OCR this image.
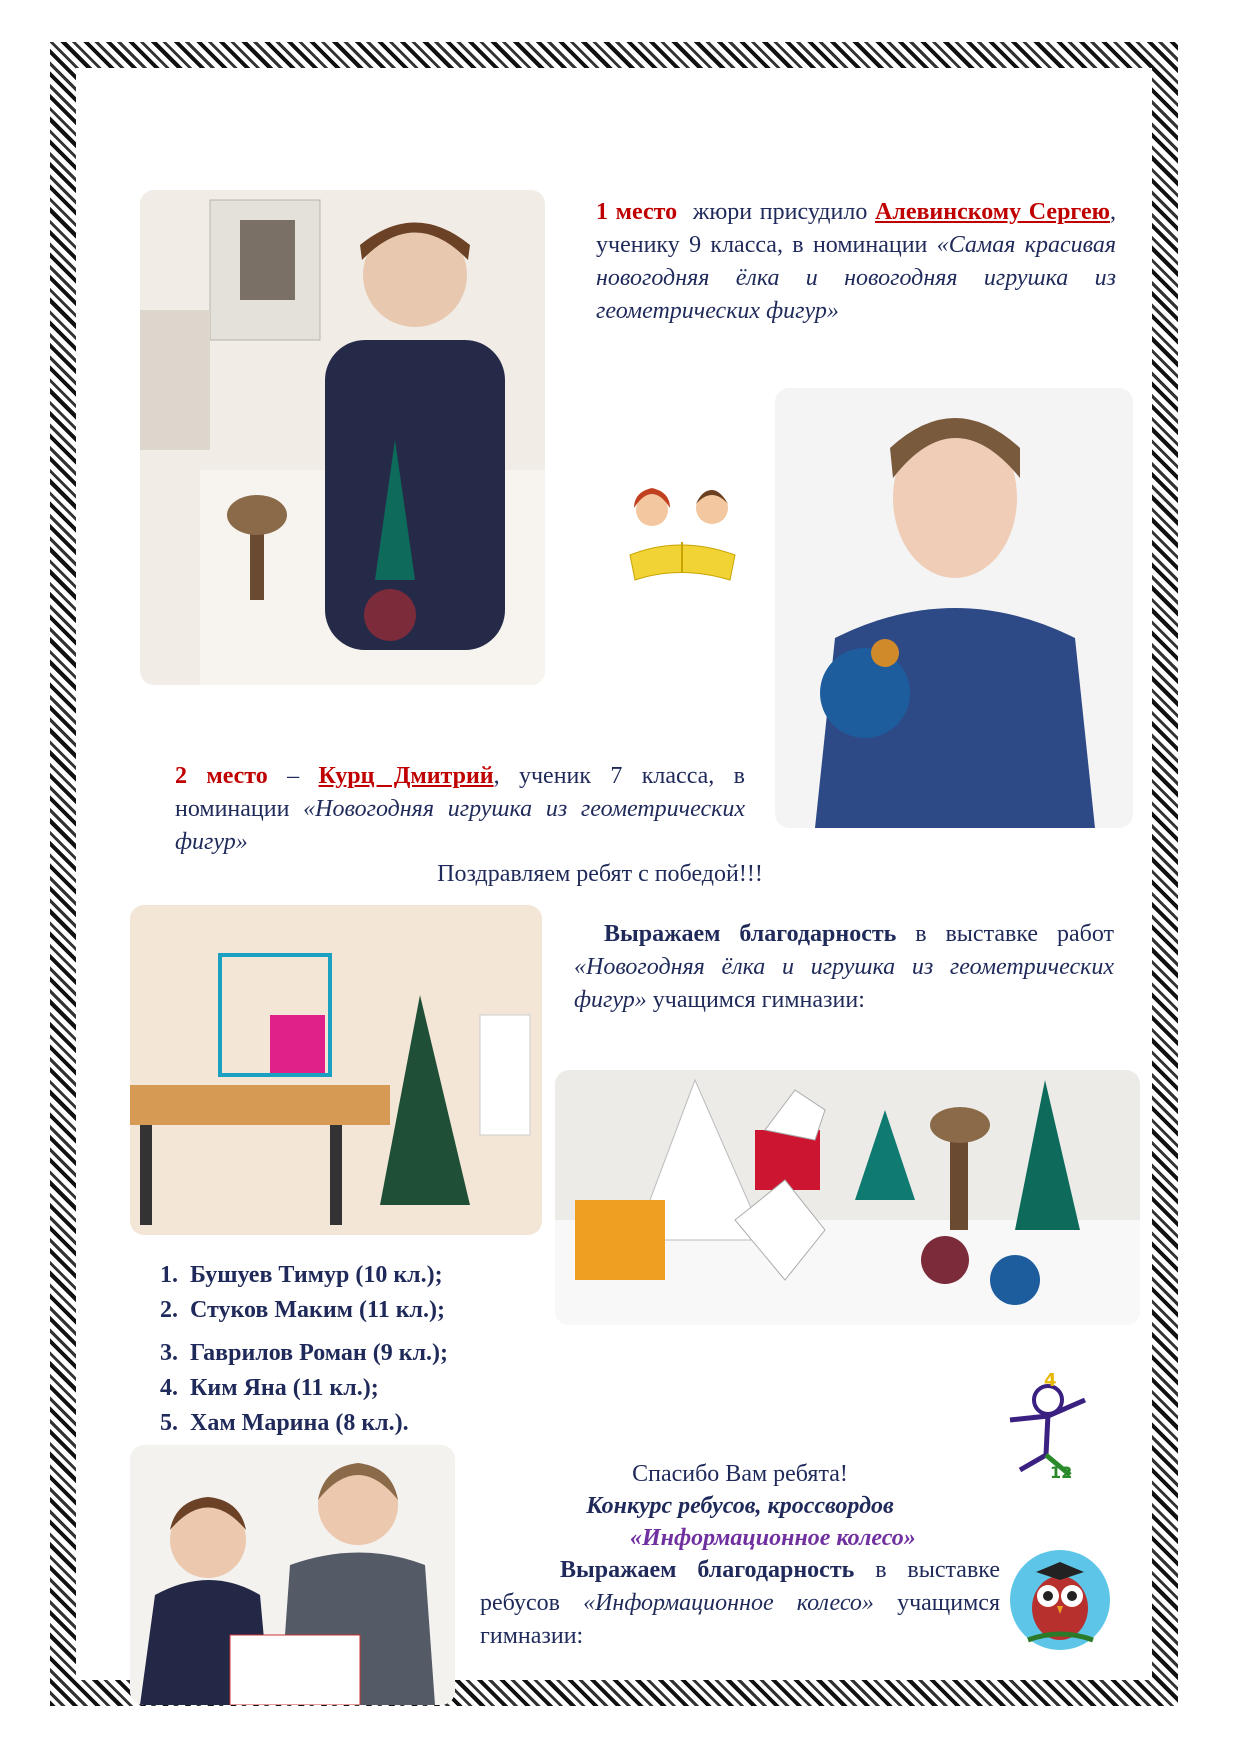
1 место жюри присудило Алевинскому Сергею, ученику 9 класса, в номинации «Самая красивая новогодняя ёлка и новогодняя игрушка из геометрических фигур»
2 место – Курц Дмитрий, ученик 7 класса, в номинации «Новогодняя игрушка из геометрических фигур»
Поздравляем ребят с победой!!!
Выражаем благодарность в выставке работ «Новогодняя ёлка и игрушка из геометрических фигур» учащимся гимназии:
1. Бушуев Тимур (10 кл.);
2. Стуков Маким (11 кл.);
3. Гаврилов Роман (9 кл.);
4. Ким Яна (11 кл.);
5. Хам Марина (8 кл.).
4
12
Спасибо Вам ребята!
Конкурс ребусов, кроссвордов
«Информационное колесо»
Выражаем благодарность в выставке ребусов «Информационное колесо» учащимся гимназии:
